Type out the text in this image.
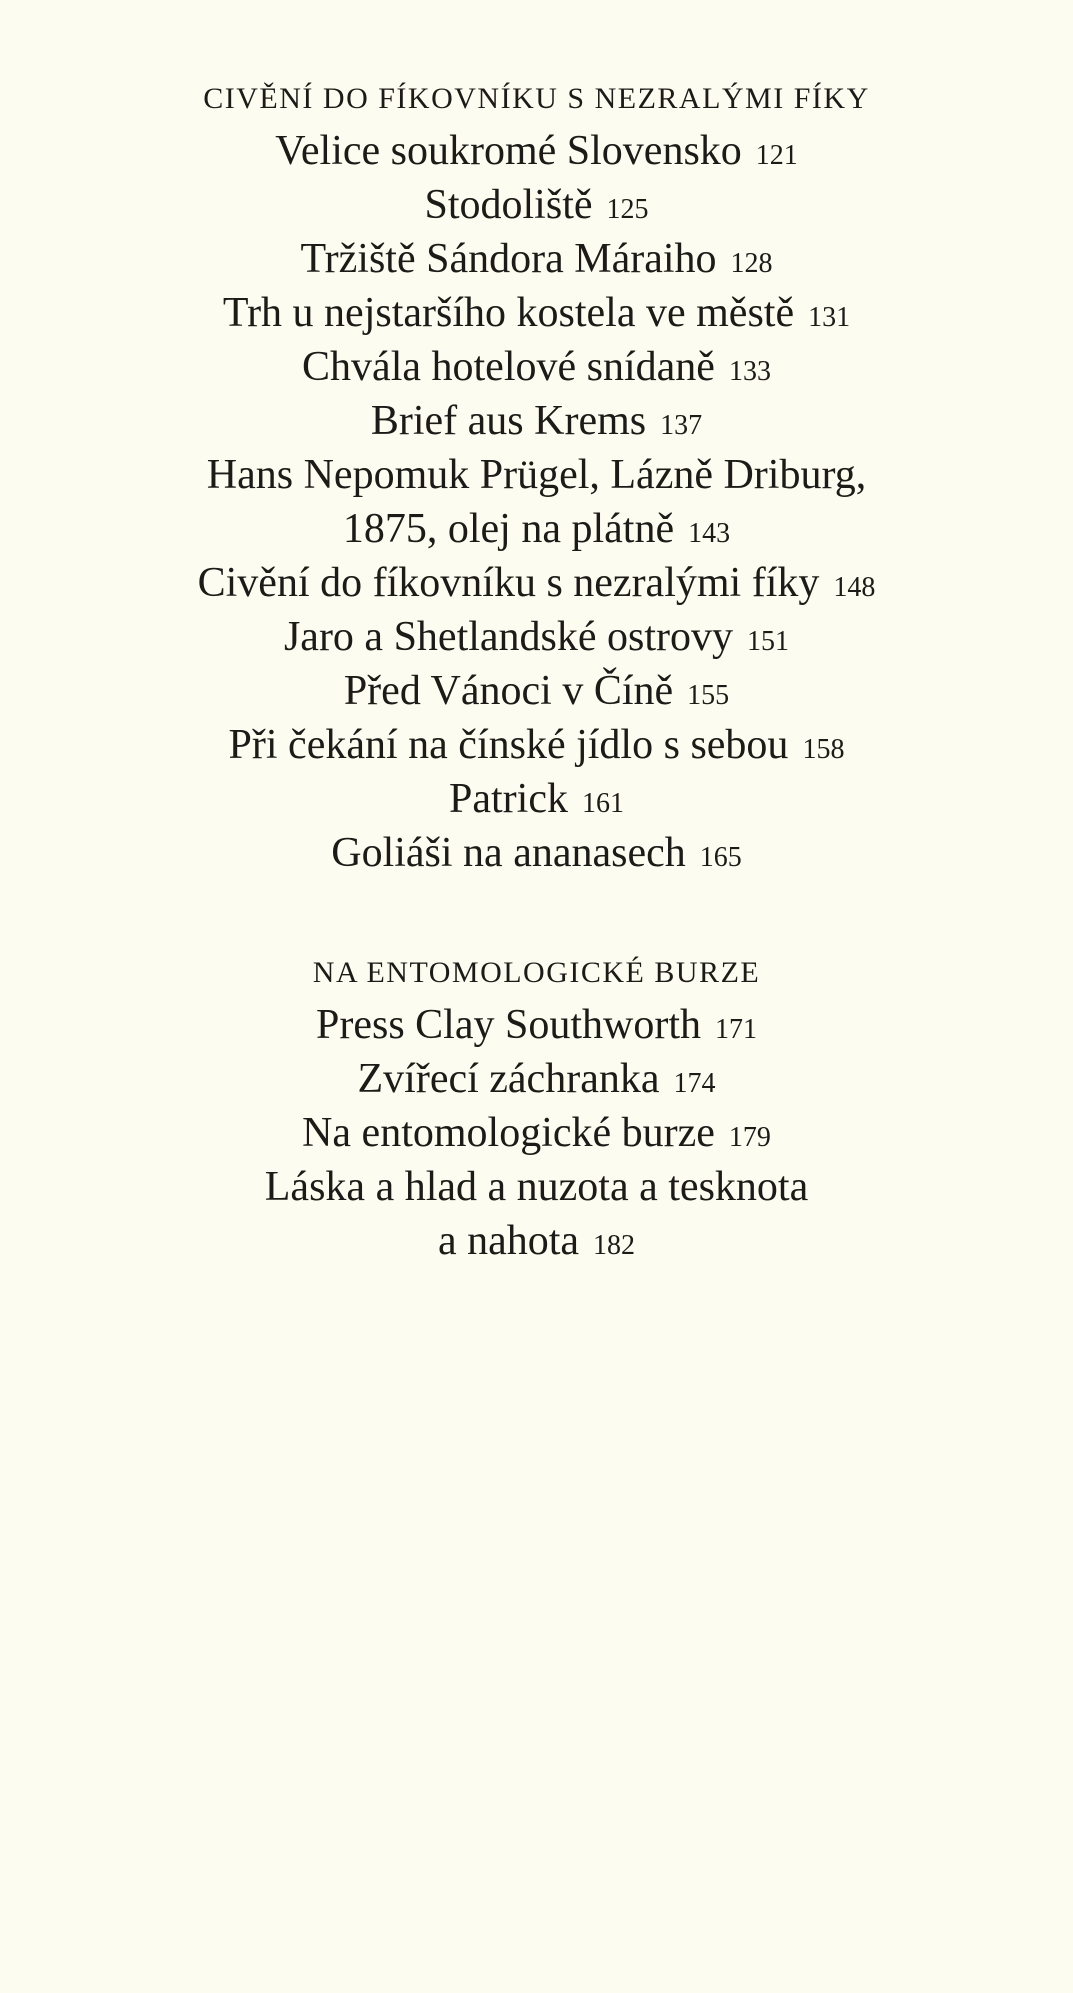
CIVĚNÍ DO FÍKOVNÍKU S NEZRALÝMI FÍKY
Velice soukromé Slovensko 121
Stodoliště 125
Tržiště Sándora Máraiho 128
Trh u nejstaršího kostela ve městě 131
Chvála hotelové snídaně 133
Brief aus Krems 137
Hans Nepomuk Prügel, Lázně Driburg,
1875, olej na plátně 143
Civění do fíkovníku s nezralými fíky 148
Jaro a Shetlandské ostrovy 151
Před Vánoci v Číně 155
Při čekání na čínské jídlo s sebou 158
Patrick 161
Goliáši na ananasech 165
NA ENTOMOLOGICKÉ BURZE
Press Clay Southworth 171
Zvířecí záchranka 174
Na entomologické burze 179
Láska a hlad a nuzota a tesknota
a nahota 182
